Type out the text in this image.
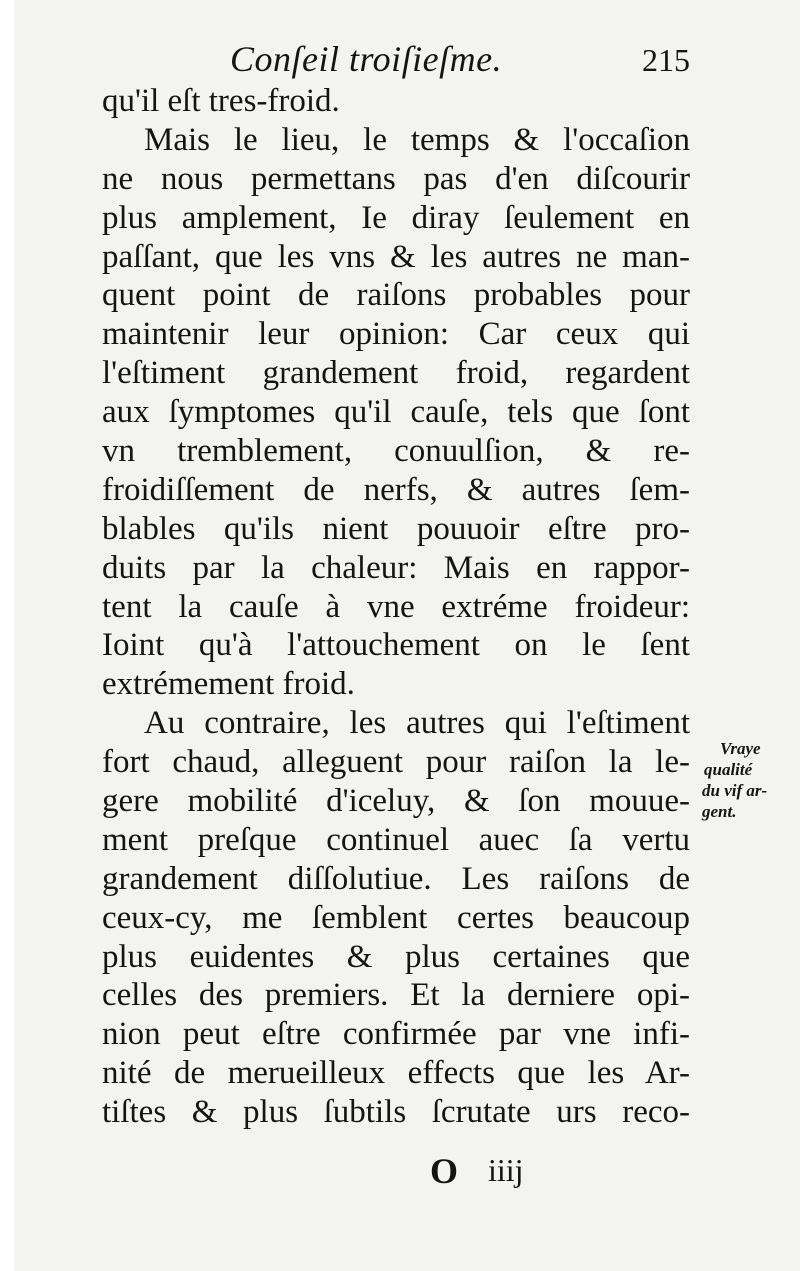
Conſeil troiſieſme.	215
qu'il eſt tres-froid.
Mais le lieu, le temps & l'occaſion
ne nous permettans pas d'en diſcourir
plus amplement, Ie diray ſeulement en
paſſant, que les vns & les autres ne man-
quent point de raiſons probables pour
maintenir leur opinion: Car ceux qui
l'eſtiment grandement froid, regardent
aux ſymptomes qu'il cauſe, tels que ſont
vn tremblement, conuulſion, & re-
froidiſſement de nerfs, & autres ſem-
blables qu'ils nient pouuoir eſtre pro-
duits par la chaleur: Mais en rappor-
tent la cauſe à vne extréme froideur:
Ioint qu'à l'attouchement on le ſent
extrémement froid.
Au contraire, les autres qui l'eſtiment
fort chaud, alleguent pour raiſon la le-
gere mobilité d'iceluy, & ſon mouue-
ment preſque continuel auec ſa vertu
grandement diſſolutiue. Les raiſons de
ceux-cy, me ſemblent certes beaucoup
plus euidentes & plus certaines que
celles des premiers. Et la derniere opi-
nion peut eſtre confirmée par vne infi-
nité de merueilleux effects que les Ar-
tiſtes & plus ſubtils ſcrutate urs reco-
Vraye
qualité
du vif ar-
gent.
O iiij
